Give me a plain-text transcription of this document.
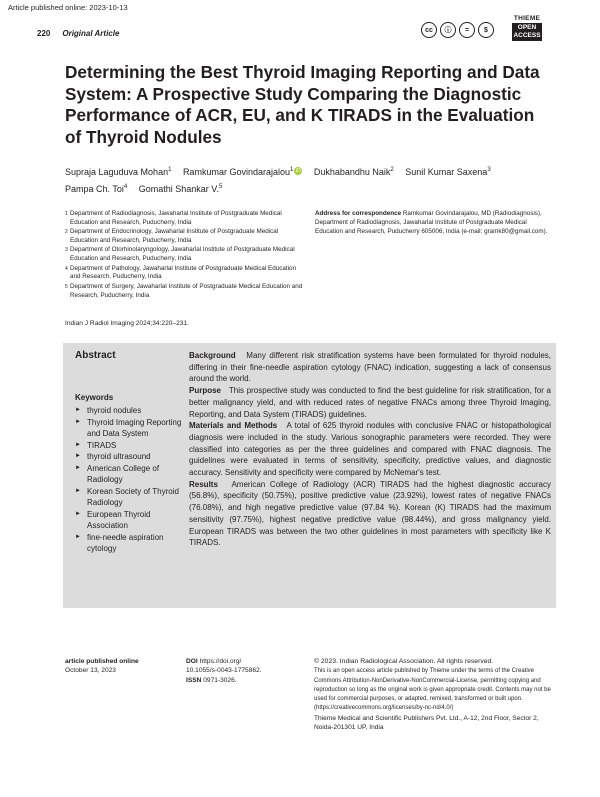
Article published online: 2023-10-13
220 Original Article	cc	ⓘ	=	$
THIEME
OPEN
ACCESS
Determining the Best Thyroid Imaging Reporting and Data System: A Prospective Study Comparing the Diagnostic Performance of ACR, EU, and K TIRADS in the Evaluation of Thyroid Nodules
Supraja Laguduva Mohan$^1$ Ramkumar Govindarajalou$^1$ iD Dukhabandhu Naik$^2$ Sunil Kumar Saxena$^3$
Pampa Ch. Toi$^4$ Gomathi Shankar V.$^5$
1 Department of Radiodiagnosis, Jawaharlal Institute of Postgraduate Medical Education and Research, Puducherry, India
2 Department of Endocrinology, Jawaharlal Institute of Postgraduate Medical Education and Research, Puducherry, India
3 Department of Otorhinolaryngology, Jawaharlal Institute of Postgraduate Medical Education and Research, Puducherry, India
4 Department of Pathology, Jawaharlal Institute of Postgraduate Medical Education and Research, Puducherry, India
5 Department of Surgery, Jawaharlal Institute of Postgraduate Medical Education and Research, Puducherry, India
Address for correspondence Ramkumar Govindarajalou, MD (Radiodiagnosis), Department of Radiodiagnosis, Jawaharlal Institute of Postgraduate Medical Education and Research, Puducherry 605006, India (e-mail: gramk80@gmail.com).
Indian J Radiol Imaging 2024;34:220–231.
Abstract
Keywords
► thyroid nodules
► Thyroid Imaging Reporting and Data System
► TIRADS
► thyroid ultrasound
► American College of Radiology
► Korean Society of Thyroid Radiology
► European Thyroid Association
► fine-needle aspiration cytology

Background Many different risk stratification systems have been formulated for thyroid nodules, differing in their fine-needle aspiration cytology (FNAC) indication, suggesting a lack of consensus around the world.

Purpose This prospective study was conducted to find the best guideline for risk stratification, for a better malignancy yield, and with reduced rates of negative FNACs among three Thyroid Imaging, Reporting, and Data System (TIRADS) guidelines.

Materials and Methods A total of 625 thyroid nodules with conclusive FNAC or histopathological diagnosis were included in the study. Various sonographic parameters were recorded. They were classified into categories as per the three guidelines and compared with FNAC diagnosis. The guidelines were evaluated in terms of sensitivity, specificity, predictive values, and diagnostic accuracy. Sensitivity and specificity were compared by McNemar's test.

Results American College of Radiology (ACR) TIRADS had the highest diagnostic accuracy (56.8%), specificity (50.75%), positive predictive value (23.92%), lowest rates of negative FNACs (76.08%), and high negative predictive value (97.84 %). Korean (K) TIRADS had the maximum sensitivity (97.75%), highest negative predictive value (98.44%), and gross malignancy yield. European TIRADS was between the two other guidelines in most parameters with specificity like K TIRADS.

article published online
October 13, 2023
DOI https://doi.org/
10.1055/s-0043-1775862.
ISSN 0971-3026.
© 2023. Indian Radiological Association. All rights reserved.
This is an open access article published by Thieme under the terms of the Creative Commons Attribution-NonDerivative-NonCommercial-License, permitting copying and reproduction so long as the original work is given appropriate credit. Contents may not be used for commercial purposes, or adapted, remixed, transformed or built upon. (https://creativecommons.org/licenses/by-nc-nd/4.0/)
Thieme Medical and Scientific Publishers Pvt. Ltd., A-12, 2nd Floor, Sector 2, Noida-201301 UP, India
